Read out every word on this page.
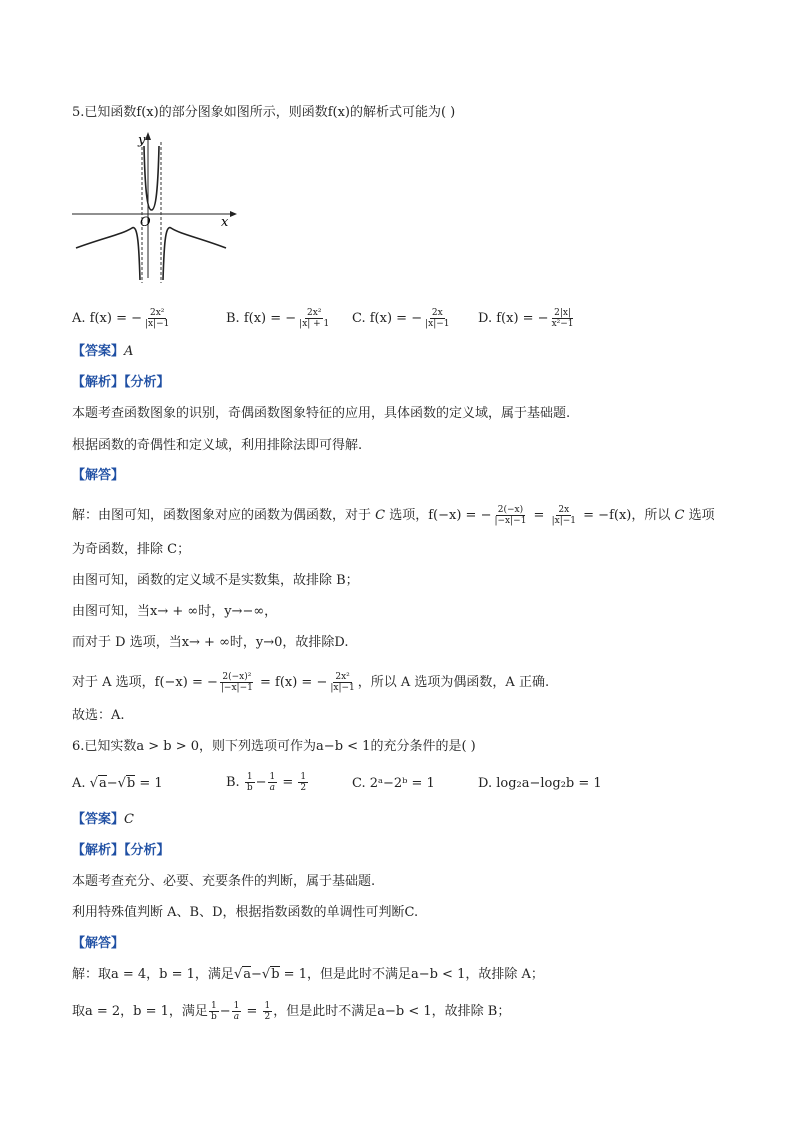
5.已知函数f(x)的部分图象如图所示，则函数f(x)的解析式可能为( )
y
x
O
A. f(x) = − $\frac{\text{2x²}}{|x|-1}$	B. f(x) = − $\frac{\text{2x²}}{|x| + 1} C$. f(x) = − $\frac{2x}{|x|-1} D$. f(x) = − $\frac{2|x|}{\text{x²−1}}$
【答案】A
【解析】【分析】
本题考查函数图象的识别，奇偶函数图象特征的应用，具体函数的定义域，属于基础题.
根据函数的奇偶性和定义域，利用排除法即可得解.
【解答】
解：由图可知，函数图象对应的函数为偶函数，对于 C 选项，f(−x) = − $\frac{2(-x)}{|-x|-1} = \frac{2x}{|x|-1} = -f(x)$，所以 C 选项
为奇函数，排除 C；
由图可知，函数的定义域不是实数集，故排除 B；
由图可知，当x→ + ∞时，y→−∞，
而对于 D 选项，当x→ + ∞时，y→0，故排除D.
对于 A 选项，f(−x) = − $\frac{\text{2(−x)²}}{|-x|-1} = f(x)$ = − $\frac{\text{2x²}}{|x|-1}$ ，所以 A 选项为偶函数，A 正确.
故选：A.
6.已知实数a > b > 0，则下列选项可作为a−b < 1的充分条件的是( )
A. √a−√b = 1	B. $\frac{1}{b} - \frac{1}{a} = \frac{1}{2}$	C. 2ᵃ−2ᵇ = 1	D. log₂a−log₂b = 1
【答案】C
【解析】【分析】
本题考查充分、必要、充要条件的判断，属于基础题.
利用特殊值判断 A、B、D，根据指数函数的单调性可判断C.
【解答】
解：取a = 4，b = 1，满足√a−√b = 1，但是此时不满足a−b < 1，故排除 A；
取a = 2，b = 1，满足 $\frac{1}{b} - \frac{1}{a} = \frac{1}{2}$ ，但是此时不满足a−b < 1，故排除 B；
